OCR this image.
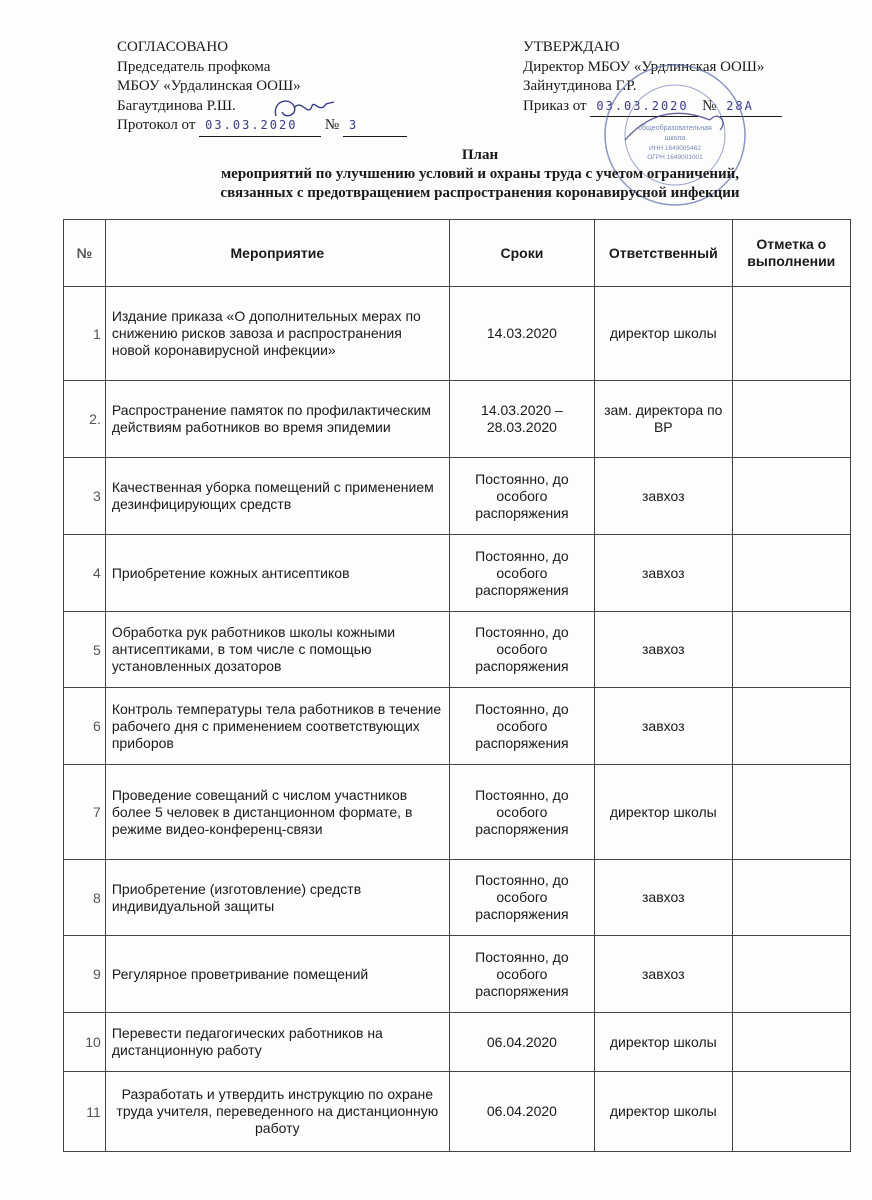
СОГЛАСОВАНО
Председатель профкома
МБОУ «Урдалинская ООШ»
Багаутдинова Р.Ш.
Протокол от 03.03.2020 № 3
УТВЕРЖДАЮ
Директор МБОУ «Урдлинская ООШ»
Зайнутдинова Г.Р.
Приказ от 03.03.2020 № 28А
общеобразовательная
школа
ИНН 1649005462
ОГРН 1649001001
План
мероприятий по улучшению условий и охраны труда с учетом ограничений,
связанных с предотвращением распространения коронавирусной инфекции
№	Мероприятие	Сроки	Ответственный	Отметка о выполнении
1	Издание приказа «О дополнительных мерах по снижению рисков завоза и распространения новой коронавирусной инфекции»	14.03.2020	директор школы	
2.	Распространение памяток по профилактическим действиям работников во время эпидемии	14.03.2020 – 28.03.2020	зам. директора по ВР	
3	Качественная уборка помещений с применением дезинфицирующих средств	Постоянно, до особого распоряжения	завхоз	
4	Приобретение кожных антисептиков	Постоянно, до особого распоряжения	завхоз	
5	Обработка рук работников школы кожными антисептиками, в том числе с помощью установленных дозаторов	Постоянно, до особого распоряжения	завхоз	
6	Контроль температуры тела работников в течение рабочего дня с применением соответствующих приборов	Постоянно, до особого распоряжения	завхоз	
7	Проведение совещаний с числом участников более 5 человек в дистанционном формате, в режиме видео-конференц-связи	Постоянно, до особого распоряжения	директор школы	
8	Приобретение (изготовление) средств индивидуальной защиты	Постоянно, до особого распоряжения	завхоз	
9	Регулярное проветривание помещений	Постоянно, до особого распоряжения	завхоз	
10	Перевести педагогических работников на дистанционную работу	06.04.2020	директор школы	
11	Разработать и утвердить инструкцию по охране труда учителя, переведенного на дистанционную работу	06.04.2020	директор школы	
